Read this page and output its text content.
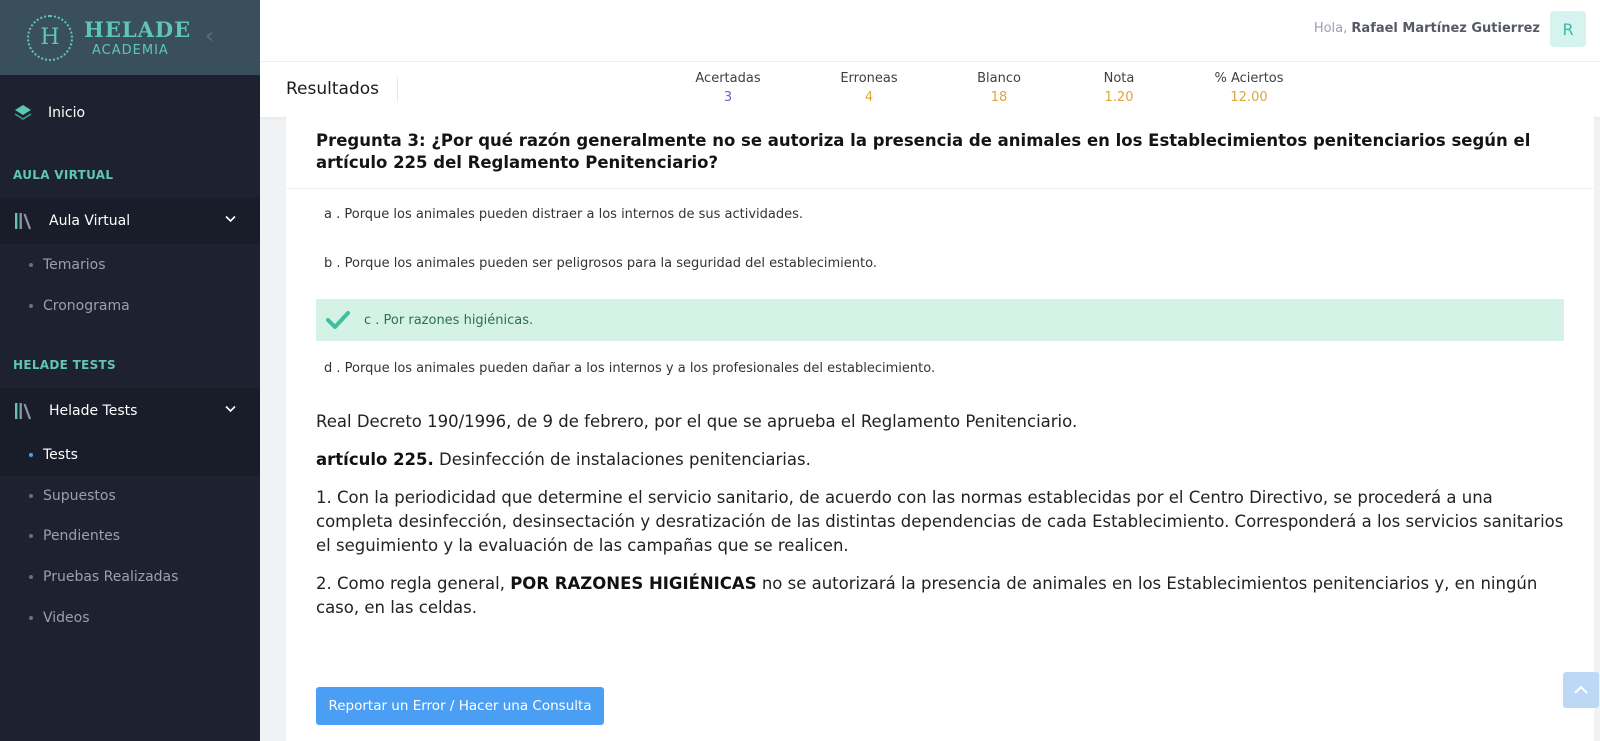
H HELADE
ACADEMIA
‹
Inicio
AULA VIRTUAL
Aula Virtual
Temarios
Cronograma
HELADE TESTS
Helade Tests
Tests
Supuestos
Pendientes
Pruebas Realizadas
Videos
Hola, Rafael Martínez Gutierrez	R
Resultados
Acertadas
3
Erroneas
4
Blanco
18
Nota
1.20
% Aciertos
12.00
Pregunta 3: ¿Por qué razón generalmente no se autoriza la presencia de animales en los Establecimientos penitenciarios según el artículo 225 del Reglamento Penitenciario?
a . Porque los animales pueden distraer a los internos de sus actividades.
b . Porque los animales pueden ser peligrosos para la seguridad del establecimiento.
c . Por razones higiénicas.
d . Porque los animales pueden dañar a los internos y a los profesionales del establecimiento.
Real Decreto 190/1996, de 9 de febrero, por el que se aprueba el Reglamento Penitenciario.
artículo 225. Desinfección de instalaciones penitenciarias.
1. Con la periodicidad que determine el servicio sanitario, de acuerdo con las normas establecidas por el Centro Directivo, se procederá a una completa desinfección, desinsectación y desratización de las distintas dependencias de cada Establecimiento. Corresponderá a los servicios sanitarios el seguimiento y la evaluación de las campañas que se realicen.
2. Como regla general, POR RAZONES HIGIÉNICAS no se autorizará la presencia de animales en los Establecimientos penitenciarios y, en ningún caso, en las celdas.
Reportar un Error / Hacer una Consulta
